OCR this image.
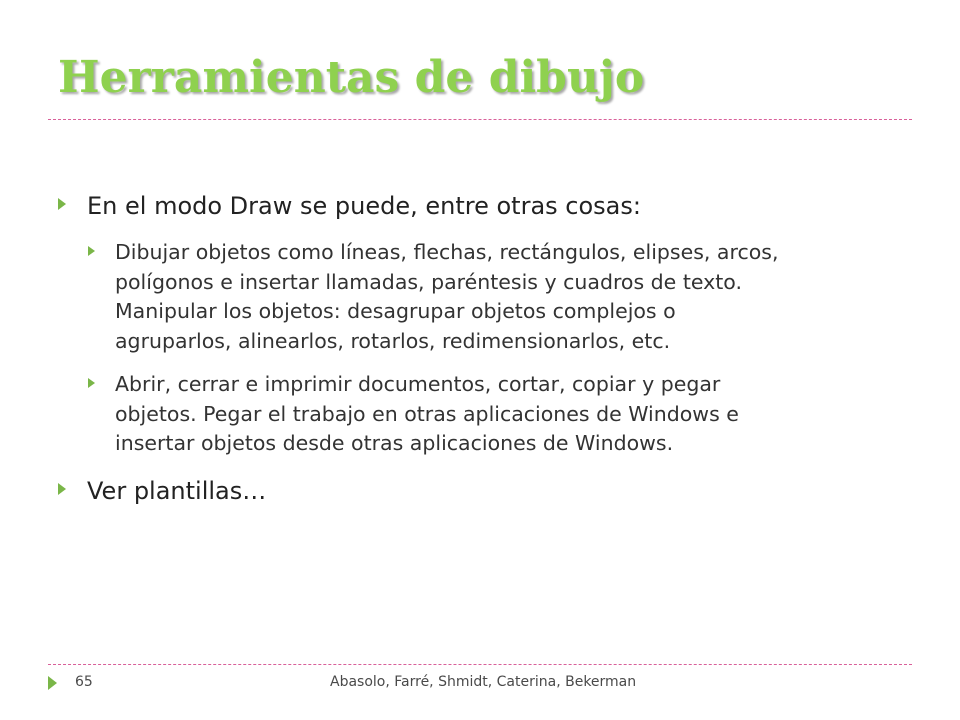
Herramientas de dibujo
En el modo Draw se puede, entre otras cosas:
Dibujar objetos como líneas, flechas, rectángulos, elipses, arcos,
polígonos e insertar llamadas, paréntesis y cuadros de texto.
Manipular los objetos: desagrupar objetos complejos o
agruparlos, alinearlos, rotarlos, redimensionarlos, etc.
Abrir, cerrar e imprimir documentos, cortar, copiar y pegar
objetos. Pegar el trabajo en otras aplicaciones de Windows e
insertar objetos desde otras aplicaciones de Windows.
Ver plantillas…
65	Abasolo, Farré, Shmidt, Caterina, Bekerman
